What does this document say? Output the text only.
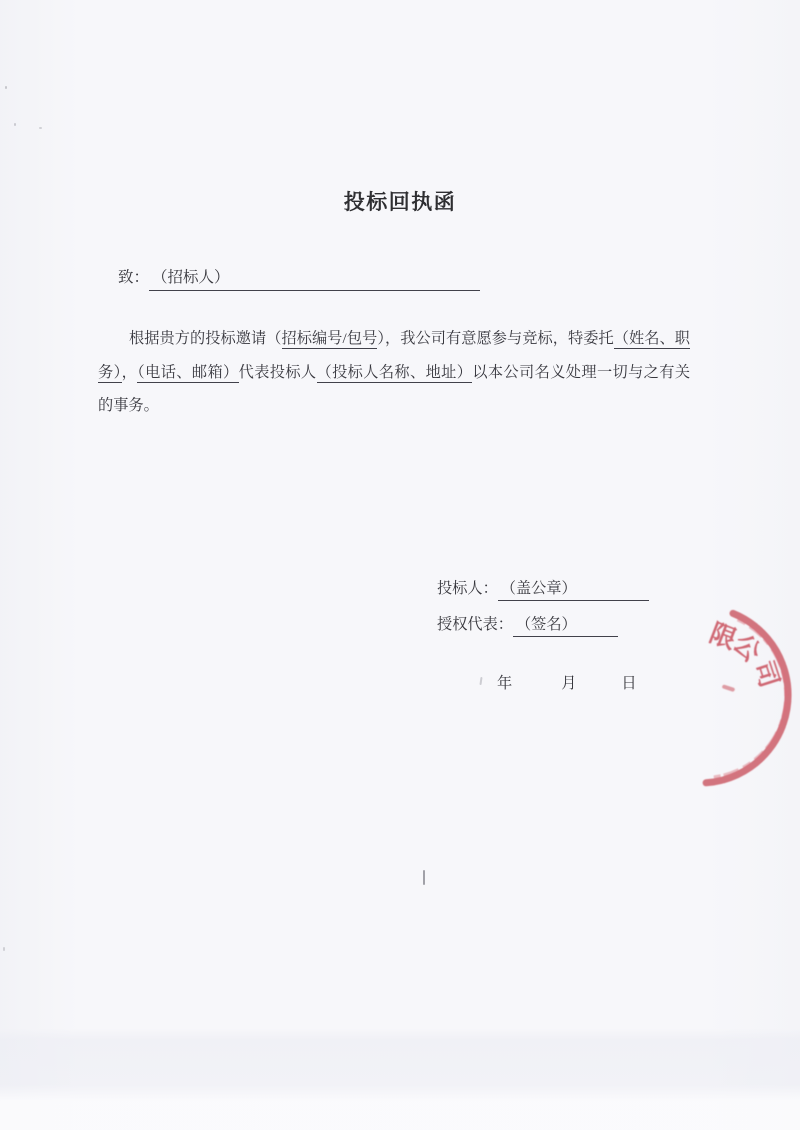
投标回执函
致： （招标人）
根据贵方的投标邀请（招标编号/包号），我公司有意愿参与竞标，特委托（姓名、职务），（电话、邮箱）代表投标人（投标人名称、地址）以本公司名义处理一切与之有关的事务。
投标人： （盖公章）
授权代表： （签名）
年	月	日
限
公
司
